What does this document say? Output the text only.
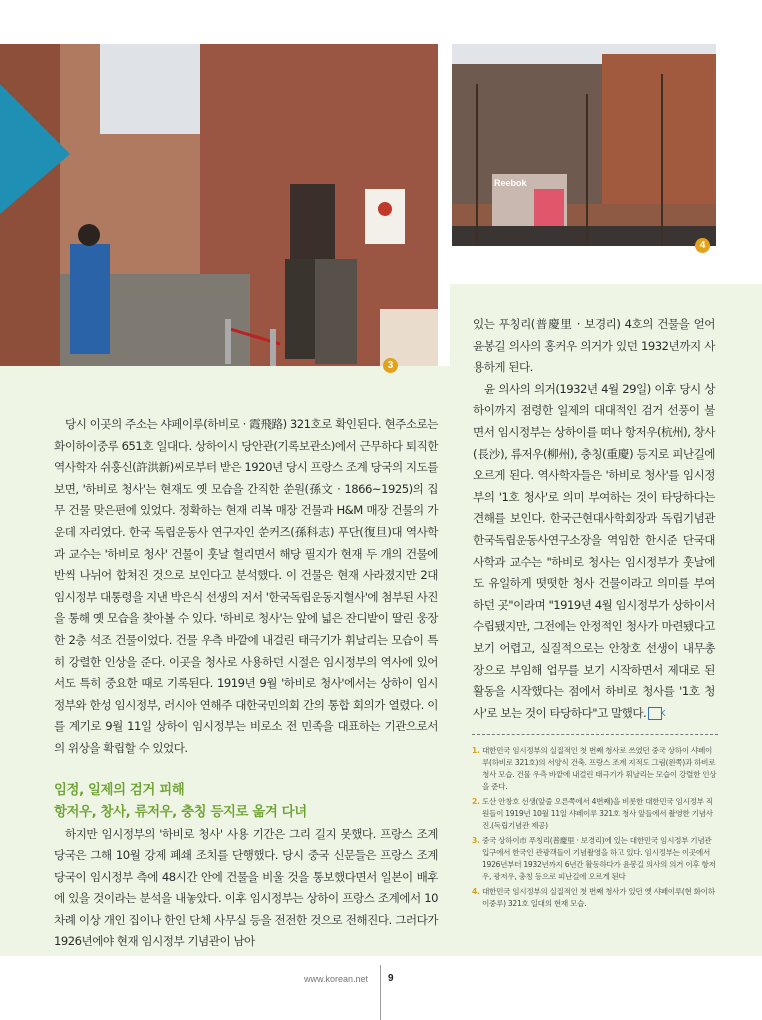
3
Reebok
4

당시 이곳의 주소는 샤페이루(하비로 · 霞飛路) 321호로 확인된다. 현주소로는 화이하이중루 651호 일대다. 상하이시 당안관(기록보관소)에서 근무하다 퇴직한 역사학자 쉬훙신(許洪新)씨로부터 받은 1920년 당시 프랑스 조계 당국의 지도를 보면, '하비로 청사'는 현재도 옛 모습을 간직한 쑨원(孫文 · 1866~1925)의 집무 건물 맞은편에 있었다. 정확하는 현재 리복 매장 건물과 H&M 매장 건물의 가운데 자리였다. 한국 독립운동사 연구자인 쑨커즈(孫科志) 푸단(復旦)대 역사학과 교수는 '하비로 청사' 건물이 훗날 헐리면서 해당 필지가 현재 두 개의 건물에 반씩 나뉘어 합쳐진 것으로 보인다고 분석했다. 이 건물은 현재 사라졌지만 2대 임시정부 대통령을 지낸 박은식 선생의 저서 '한국독립운동지혈사'에 첨부된 사진을 통해 옛 모습을 찾아볼 수 있다. '하비로 청사'는 앞에 넓은 잔디밭이 딸린 웅장한 2층 석조 건물이었다. 건물 우측 바깥에 내걸린 태극기가 휘날리는 모습이 특히 강렬한 인상을 준다. 이곳을 청사로 사용하던 시절은 임시정부의 역사에 있어서도 특히 중요한 때로 기록된다. 1919년 9월 '하비로 청사'에서는 상하이 임시정부와 한성 임시정부, 러시아 연해주 대한국민의회 간의 통합 회의가 열렸다. 이를 계기로 9월 11일 상하이 임시정부는 비로소 전 민족을 대표하는 기관으로서의 위상을 확립할 수 있었다.

임정, 일제의 검거 피해
항저우, 창사, 류저우, 충칭 등지로 옮겨 다녀

하지만 임시정부의 '하비로 청사' 사용 기간은 그리 길지 못했다. 프랑스 조계 당국은 그해 10월 강제 폐쇄 조치를 단행했다. 당시 중국 신문들은 프랑스 조계 당국이 임시정부 측에 48시간 안에 건물을 비울 것을 통보했다면서 일본이 배후에 있을 것이라는 분석을 내놓았다. 이후 임시정부는 상하이 프랑스 조계에서 10차례 이상 개인 집이나 한인 단체 사무실 등을 전전한 것으로 전해진다. 그러다가 1926년에야 현재 임시정부 기념관이 남아

있는 푸칭리(普慶里 · 보경리) 4호의 건물을 얻어 윤봉길 의사의 홍커우 의거가 있던 1932년까지 사용하게 된다.

윤 의사의 의거(1932년 4월 29일) 이후 당시 상하이까지 점령한 일제의 대대적인 검거 선풍이 불면서 임시정부는 상하이를 떠나 항저우(杭州), 창사(長沙), 류저우(柳州), 충칭(重慶) 등지로 피난길에 오르게 된다. 역사학자들은 '하비로 청사'를 임시정부의 '1호 청사'로 의미 부여하는 것이 타당하다는 견해를 보인다. 한국근현대사학회장과 독립기념관 한국독립운동사연구소장을 역임한 한시준 단국대 사학과 교수는 "하비로 청사는 임시정부가 훗날에도 유일하게 떳떳한 청사 건물이라고 의미를 부여하던 곳"이라며 "1919년 4월 임시정부가 상하이서 수립됐지만, 그전에는 안정적인 청사가 마련됐다고 보기 어렵고, 실질적으로는 안창호 선생이 내무총장으로 부임해 업무를 보기 시작하면서 제대로 된 활동을 시작했다는 점에서 하비로 청사를 '1호 청사'로 보는 것이 타당하다"고 말했다. K

1. 대한민국 임시정부의 실질적인 첫 번째 청사로 쓰였던 중국 상하이 샤페이루(하비로 321호)의 서양식 건축. 프랑스 조계 지적도 그림(왼쪽)과 하비로 청사 모습. 건물 우측 바깥에 내걸린 태극기가 휘날리는 모습이 강렬한 인상을 준다.
2. 도산 안창호 선생(앞줄 오른쪽에서 4번째)을 비롯한 대한민국 임시정부 직원들이 1919년 10월 11일 샤페이루 321호 청사 앞들에서 촬영한 기념사진.(독립기념관 제공)
3. 중국 상하이市 푸칭리(普慶里 · 보경리)에 있는 대한민국 임시정부 기념관 입구에서 한국인 관광객들이 기념촬영을 하고 있다. 임시정부는 이곳에서 1926년부터 1932년까지 6년간 활동하다가 윤봉길 의사의 의거 이후 항저우, 광저우, 충칭 등으로 피난길에 오르게 된다
4. 대한민국 임시정부의 실질적인 첫 번째 청사가 있던 옛 샤페이루(현 화이하이중루) 321호 일대의 현재 모습.
www.korean.net 9
